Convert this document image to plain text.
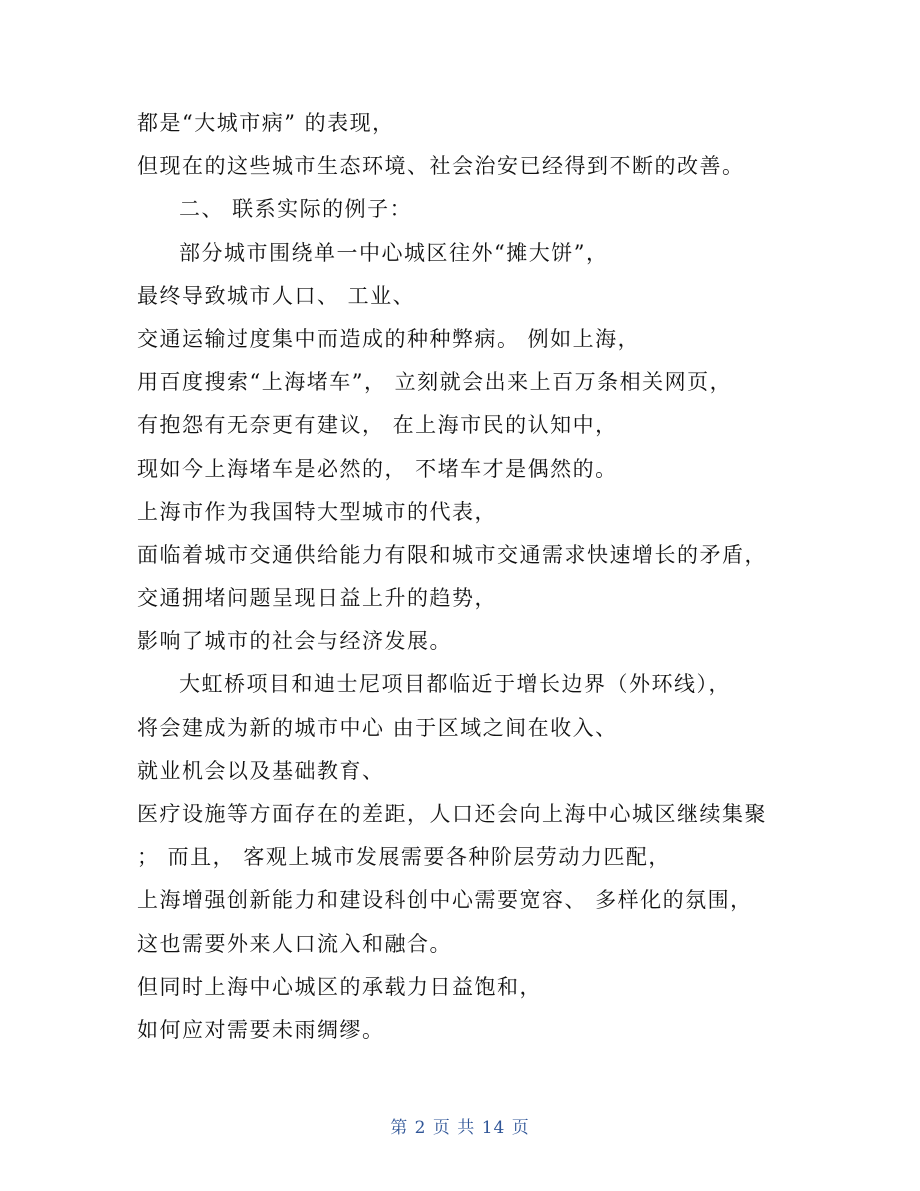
都是“大城市病” 的表现，
但现在的这些城市生态环境、社会治安已经得到不断的改善。
二、 联系实际的例子：
部分城市围绕单一中心城区往外“摊大饼”，
最终导致城市人口、 工业、
交通运输过度集中而造成的种种弊病。 例如上海，
用百度搜索“上海堵车”， 立刻就会出来上百万条相关网页，
有抱怨有无奈更有建议， 在上海市民的认知中，
现如今上海堵车是必然的， 不堵车才是偶然的。
上海市作为我国特大型城市的代表，
面临着城市交通供给能力有限和城市交通需求快速增长的矛盾，
交通拥堵问题呈现日益上升的趋势，
影响了城市的社会与经济发展。
大虹桥项目和迪士尼项目都临近于增长边界（外环线），
将会建成为新的城市中心 由于区域之间在收入、
就业机会以及基础教育、
医疗设施等方面存在的差距，人口还会向上海中心城区继续集聚
； 而且， 客观上城市发展需要各种阶层劳动力匹配，
上海增强创新能力和建设科创中心需要宽容、 多样化的氛围，
这也需要外来人口流入和融合。
但同时上海中心城区的承载力日益饱和，
如何应对需要未雨绸缪。
第 2 页 共 14 页
